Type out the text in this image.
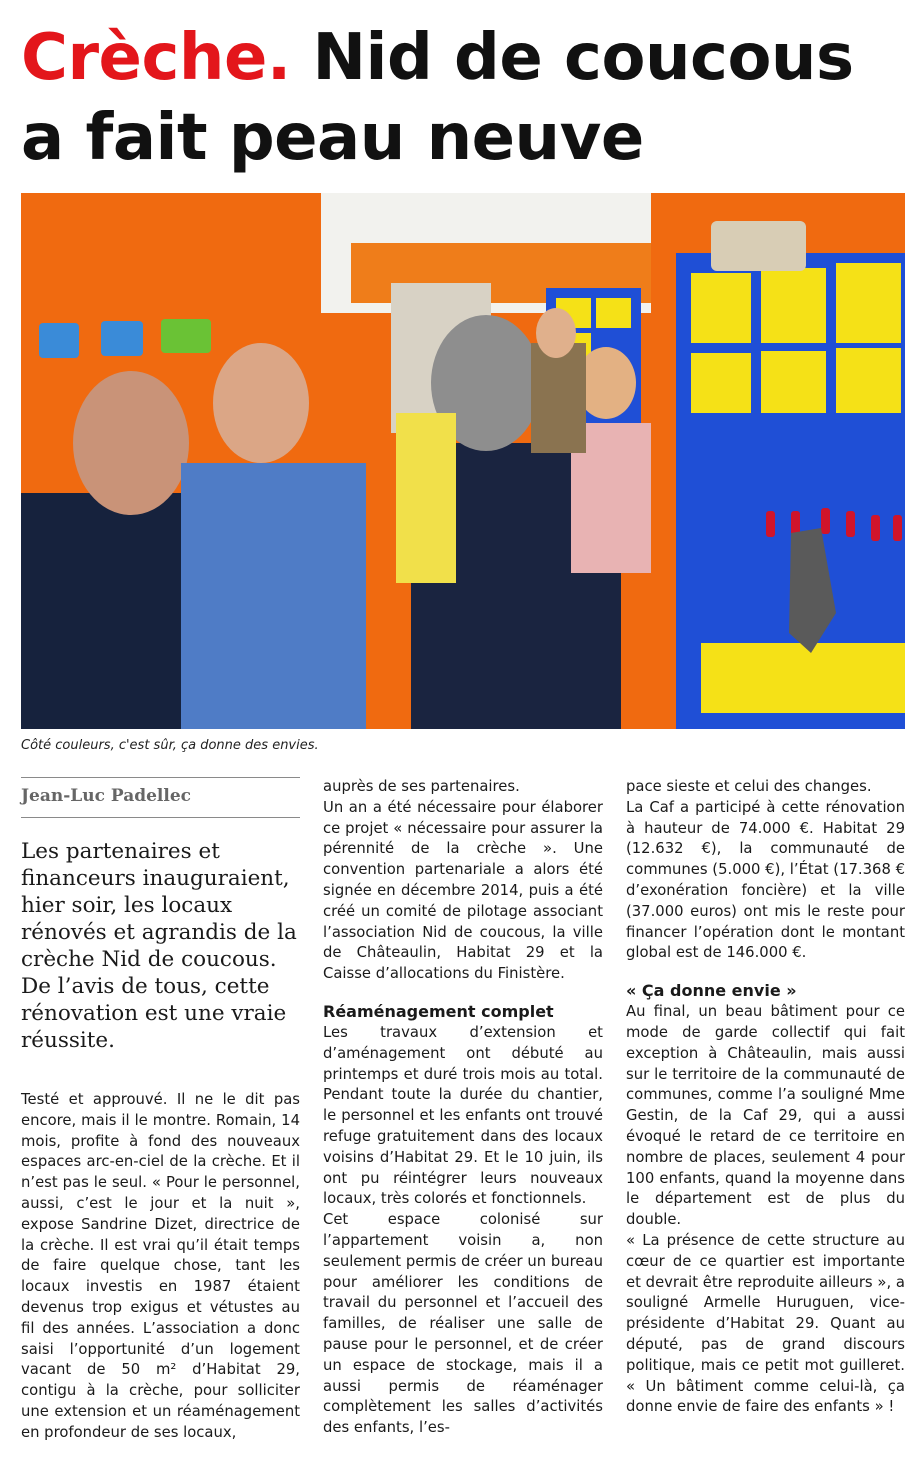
Crèche. Nid de coucous
a fait peau neuve
Côté couleurs, c'est sûr, ça donne des envies.
Jean-Luc Padellec
Les partenaires et financeurs inauguraient, hier soir, les locaux rénovés et agrandis de la crèche Nid de coucous. De l’avis de tous, cette rénovation est une vraie réussite.

Testé et approuvé. Il ne le dit pas encore, mais il le montre. Romain, 14 mois, profite à fond des nouveaux espaces arc-en-ciel de la crèche. Et il n’est pas le seul. « Pour le personnel, aussi, c’est le jour et la nuit », expose Sandrine Dizet, directrice de la crèche. Il est vrai qu’il était temps de faire quelque chose, tant les locaux investis en 1987 étaient devenus trop exigus et vétustes au fil des années. L’association a donc saisi l’opportunité d’un logement vacant de 50 m² d’Habitat 29, contigu à la crèche, pour solliciter une extension et un réaménagement en profondeur de ses locaux,

auprès de ses partenaires.

Un an a été nécessaire pour élaborer ce projet « nécessaire pour assurer la pérennité de la crèche ». Une convention partenariale a alors été signée en décembre 2014, puis a été créé un comité de pilotage associant l’association Nid de coucous, la ville de Châteaulin, Habitat 29 et la Caisse d’allocations du Finistère.

Réaménagement complet

Les travaux d’extension et d’aménagement ont débuté au printemps et duré trois mois au total. Pendant toute la durée du chantier, le personnel et les enfants ont trouvé refuge gratuitement dans des locaux voisins d’Habitat 29. Et le 10 juin, ils ont pu réintégrer leurs nouveaux locaux, très colorés et fonctionnels.

Cet espace colonisé sur l’appartement voisin a, non seulement permis de créer un bureau pour améliorer les conditions de travail du personnel et l’accueil des familles, de réaliser une salle de pause pour le personnel, et de créer un espace de stockage, mais il a aussi permis de réaménager complètement les salles d’activités des enfants, l’es-

pace sieste et celui des changes.

La Caf a participé à cette rénovation à hauteur de 74.000 €. Habitat 29 (12.632 €), la communauté de communes (5.000 €), l’État (17.368 € d’exonération foncière) et la ville (37.000 euros) ont mis le reste pour financer l’opération dont le montant global est de 146.000 €.

« Ça donne envie »

Au final, un beau bâtiment pour ce mode de garde collectif qui fait exception à Châteaulin, mais aussi sur le territoire de la communauté de communes, comme l’a souligné Mme Gestin, de la Caf 29, qui a aussi évoqué le retard de ce territoire en nombre de places, seulement 4 pour 100 enfants, quand la moyenne dans le département est de plus du double.

« La présence de cette structure au cœur de ce quartier est importante et devrait être reproduite ailleurs », a souligné Armelle Huruguen, vice-présidente d’Habitat 29. Quant au député, pas de grand discours politique, mais ce petit mot guilleret. « Un bâtiment comme celui-là, ça donne envie de faire des enfants » !
